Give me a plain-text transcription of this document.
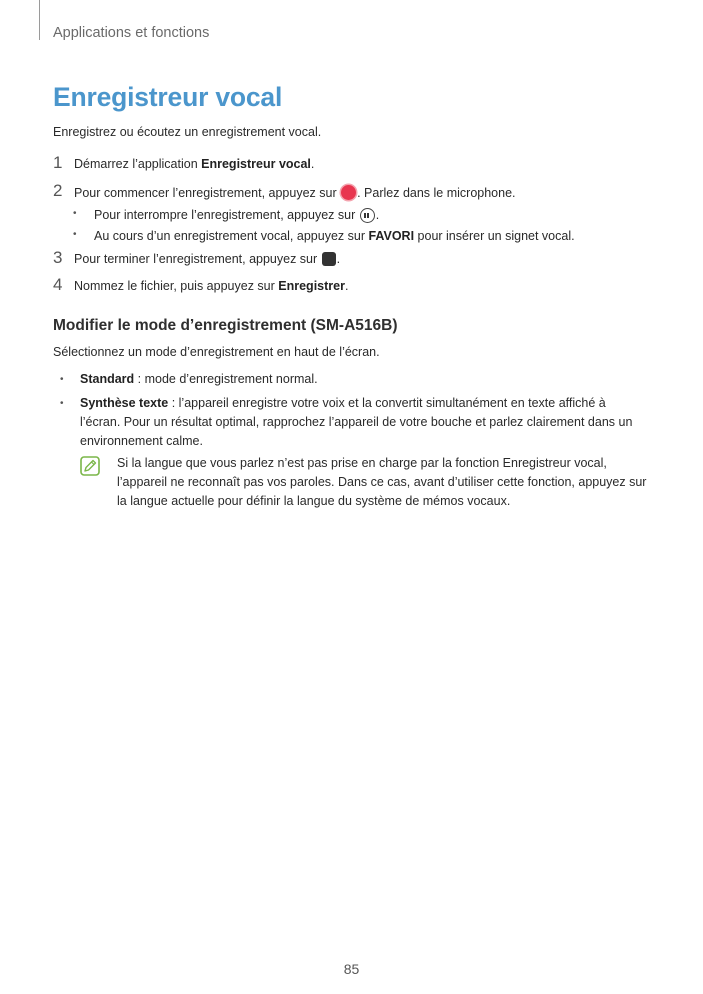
Applications et fonctions
Enregistreur vocal
Enregistrez ou écoutez un enregistrement vocal.
1 Démarrez l’application Enregistreur vocal.
2 Pour commencer l’enregistrement, appuyez sur . Parlez dans le microphone.
• Pour interrompre l’enregistrement, appuyez sur .
• Au cours d’un enregistrement vocal, appuyez sur FAVORI pour insérer un signet vocal.
3 Pour terminer l’enregistrement, appuyez sur .
4 Nommez le fichier, puis appuyez sur Enregistrer.
Modifier le mode d’enregistrement (SM-A516B)
Sélectionnez un mode d’enregistrement en haut de l’écran.
• Standard : mode d’enregistrement normal.
• Synthèse texte : l’appareil enregistre votre voix et la convertit simultanément en texte affiché à l’écran. Pour un résultat optimal, rapprochez l’appareil de votre bouche et parlez clairement dans un environnement calme.
Si la langue que vous parlez n’est pas prise en charge par la fonction Enregistreur vocal, l’appareil ne reconnaît pas vos paroles. Dans ce cas, avant d’utiliser cette fonction, appuyez sur la langue actuelle pour définir la langue du système de mémos vocaux.
85
